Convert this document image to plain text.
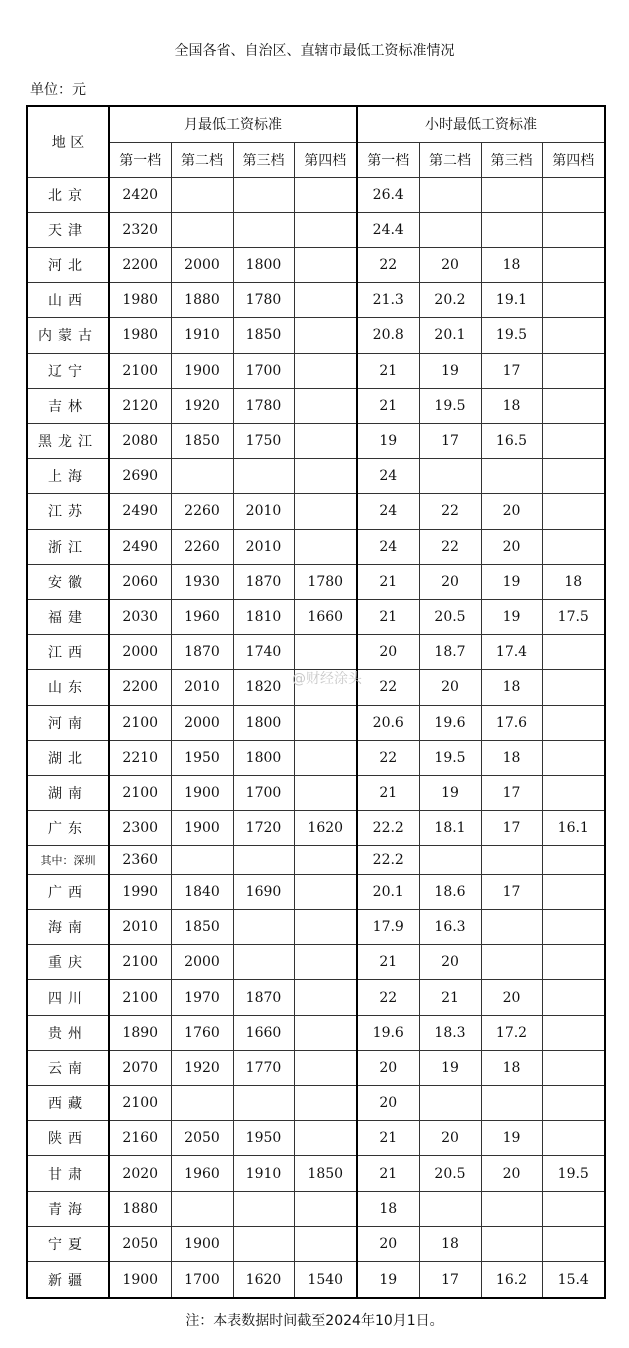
全国各省、自治区、直辖市最低工资标准情况
单位：元
地 区	月最低工资标准				小时最低工资标准			
	第一档	第二档	第三档	第四档	第一档	第二档	第三档	第四档
北京	2420				26.4			
天津	2320				24.4			
河北	2200	2000	1800		22	20	18	
山西	1980	1880	1780		21.3	20.2	19.1	
内蒙古	1980	1910	1850		20.8	20.1	19.5	
辽宁	2100	1900	1700		21	19	17	
吉林	2120	1920	1780		21	19.5	18	
黑龙江	2080	1850	1750		19	17	16.5	
上海	2690				24			
江苏	2490	2260	2010		24	22	20	
浙江	2490	2260	2010		24	22	20	
安徽	2060	1930	1870	1780	21	20	19	18
福建	2030	1960	1810	1660	21	20.5	19	17.5
江西	2000	1870	1740		20	18.7	17.4	
山东	2200	2010	1820		22	20	18	
河南	2100	2000	1800		20.6	19.6	17.6	
湖北	2210	1950	1800		22	19.5	18	
湖南	2100	1900	1700		21	19	17	
广东	2300	1900	1720	1620	22.2	18.1	17	16.1
其中：深圳	2360				22.2			
广西	1990	1840	1690		20.1	18.6	17	
海南	2010	1850			17.9	16.3		
重庆	2100	2000			21	20		
四川	2100	1970	1870		22	21	20	
贵州	1890	1760	1660		19.6	18.3	17.2	
云南	2070	1920	1770		20	19	18	
西藏	2100				20			
陕西	2160	2050	1950		21	20	19	
甘肃	2020	1960	1910	1850	21	20.5	20	19.5
青海	1880				18			
宁夏	2050	1900			20	18		
新疆	1900	1700	1620	1540	19	17	16.2	15.4
@财经涂头
注：本表数据时间截至2024年10月1日。
